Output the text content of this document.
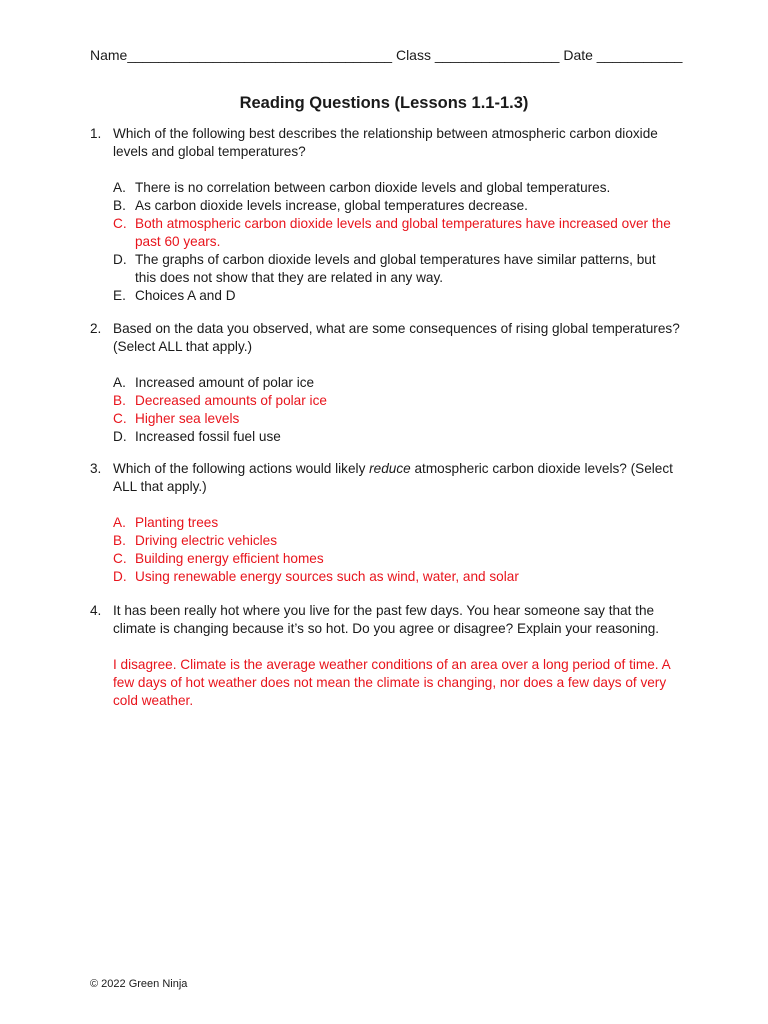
Name__________________________________ Class ________________ Date ___________
Reading Questions (Lessons 1.1-1.3)
1. Which of the following best describes the relationship between atmospheric carbon dioxide levels and global temperatures?
A. There is no correlation between carbon dioxide levels and global temperatures.
B. As carbon dioxide levels increase, global temperatures decrease.
C. Both atmospheric carbon dioxide levels and global temperatures have increased over the past 60 years.
D. The graphs of carbon dioxide levels and global temperatures have similar patterns, but this does not show that they are related in any way.
E. Choices A and D
2. Based on the data you observed, what are some consequences of rising global temperatures? (Select ALL that apply.)
A. Increased amount of polar ice
B. Decreased amounts of polar ice
C. Higher sea levels
D. Increased fossil fuel use
3. Which of the following actions would likely reduce atmospheric carbon dioxide levels? (Select ALL that apply.)
A. Planting trees
B. Driving electric vehicles
C. Building energy efficient homes
D. Using renewable energy sources such as wind, water, and solar
4. It has been really hot where you live for the past few days. You hear someone say that the climate is changing because it’s so hot. Do you agree or disagree? Explain your reasoning.
I disagree. Climate is the average weather conditions of an area over a long period of time. A few days of hot weather does not mean the climate is changing, nor does a few days of very cold weather.
© 2022 Green Ninja
